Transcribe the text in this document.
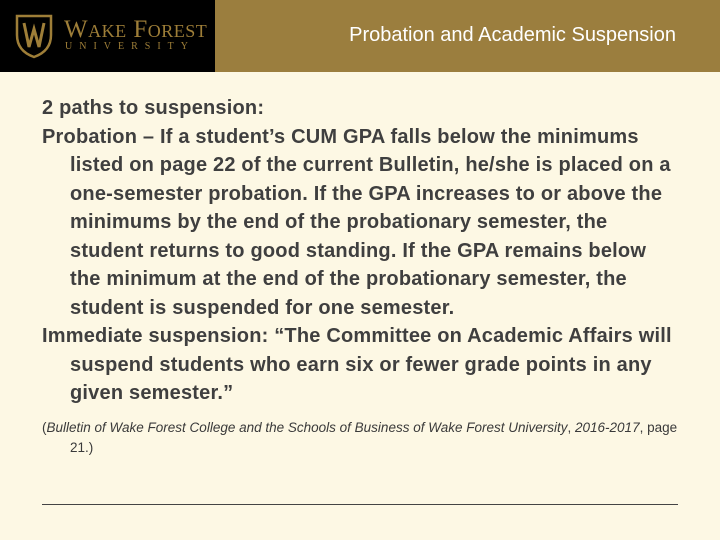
Wake Forest
UNIVERSITY
Probation and Academic Suspension

2 paths to suspension:

Probation – If a student’s CUM GPA falls below the minimums listed on page 22 of the current Bulletin, he/she is placed on a one-semester probation. If the GPA increases to or above the minimums by the end of the probationary semester, the student returns to good standing. If the GPA remains below the minimum at the end of the probationary semester, the student is suspended for one semester.

Immediate suspension: “The Committee on Academic Affairs will suspend students who earn six or fewer grade points in any given semester.”

(Bulletin of Wake Forest College and the Schools of Business of Wake Forest University, 2016-2017, page 21.)
